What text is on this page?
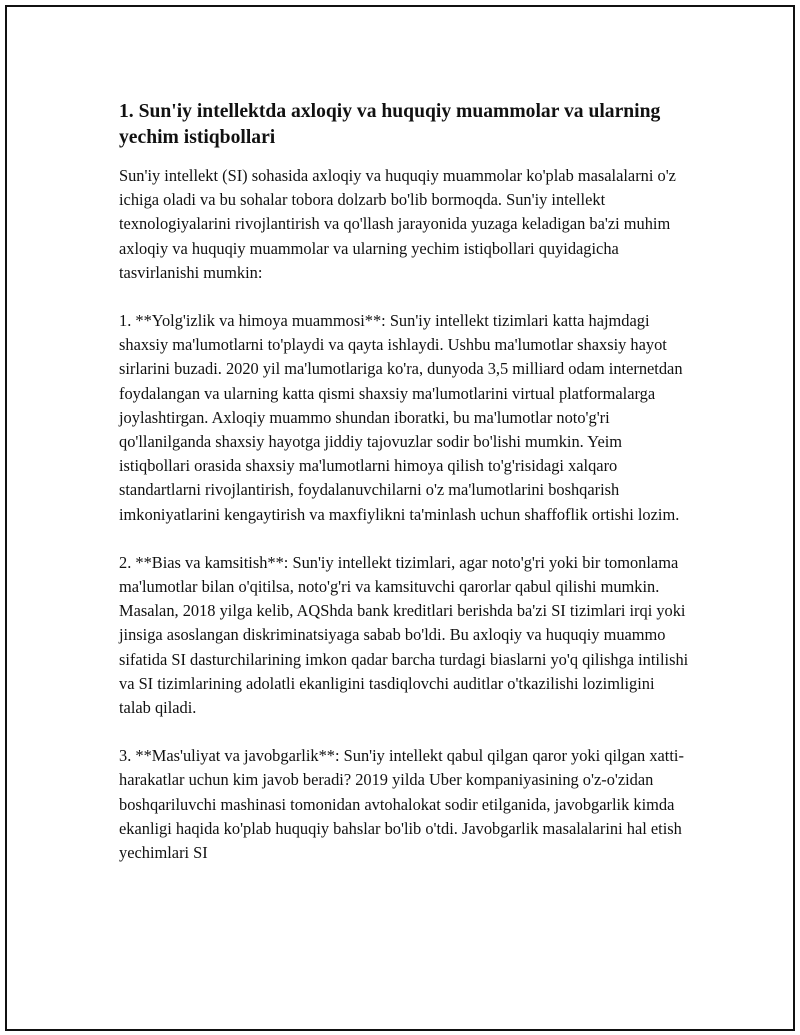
1. Sun'iy intellektda axloqiy va huquqiy muammolar va ularning yechim istiqbollari

Sun'iy intellekt (SI) sohasida axloqiy va huquqiy muammolar ko'plab masalalarni o'z ichiga oladi va bu sohalar tobora dolzarb bo'lib bormoqda. Sun'iy intellekt texnologiyalarini rivojlantirish va qo'llash jarayonida yuzaga keladigan ba'zi muhim axloqiy va huquqiy muammolar va ularning yechim istiqbollari quyidagicha tasvirlanishi mumkin:

1. **Yolg'izlik va himoya muammosi**: Sun'iy intellekt tizimlari katta hajmdagi shaxsiy ma'lumotlarni to'playdi va qayta ishlaydi. Ushbu ma'lumotlar shaxsiy hayot sirlarini buzadi. 2020 yil ma'lumotlariga ko'ra, dunyoda 3,5 milliard odam internetdan foydalangan va ularning katta qismi shaxsiy ma'lumotlarini virtual platformalarga joylashtirgan. Axloqiy muammo shundan iboratki, bu ma'lumotlar noto'g'ri qo'llanilganda shaxsiy hayotga jiddiy tajovuzlar sodir bo'lishi mumkin. Yeim istiqbollari orasida shaxsiy ma'lumotlarni himoya qilish to'g'risidagi xalqaro standartlarni rivojlantirish, foydalanuvchilarni o'z ma'lumotlarini boshqarish imkoniyatlarini kengaytirish va maxfiylikni ta'minlash uchun shaffoflik ortishi lozim.

2. **Bias va kamsitish**: Sun'iy intellekt tizimlari, agar noto'g'ri yoki bir tomonlama ma'lumotlar bilan o'qitilsa, noto'g'ri va kamsituvchi qarorlar qabul qilishi mumkin. Masalan, 2018 yilga kelib, AQShda bank kreditlari berishda ba'zi SI tizimlari irqi yoki jinsiga asoslangan diskriminatsiyaga sabab bo'ldi. Bu axloqiy va huquqiy muammo sifatida SI dasturchilarining imkon qadar barcha turdagi biaslarni yo'q qilishga intilishi va SI tizimlarining adolatli ekanligini tasdiqlovchi auditlar o'tkazilishi lozimligini talab qiladi.

3. **Mas'uliyat va javobgarlik**: Sun'iy intellekt qabul qilgan qaror yoki qilgan xatti-harakatlar uchun kim javob beradi? 2019 yilda Uber kompaniyasining o'z-o'zidan boshqariluvchi mashinasi tomonidan avtohalokat sodir etilganida, javobgarlik kimda ekanligi haqida ko'plab huquqiy bahslar bo'lib o'tdi. Javobgarlik masalalarini hal etish yechimlari SI
